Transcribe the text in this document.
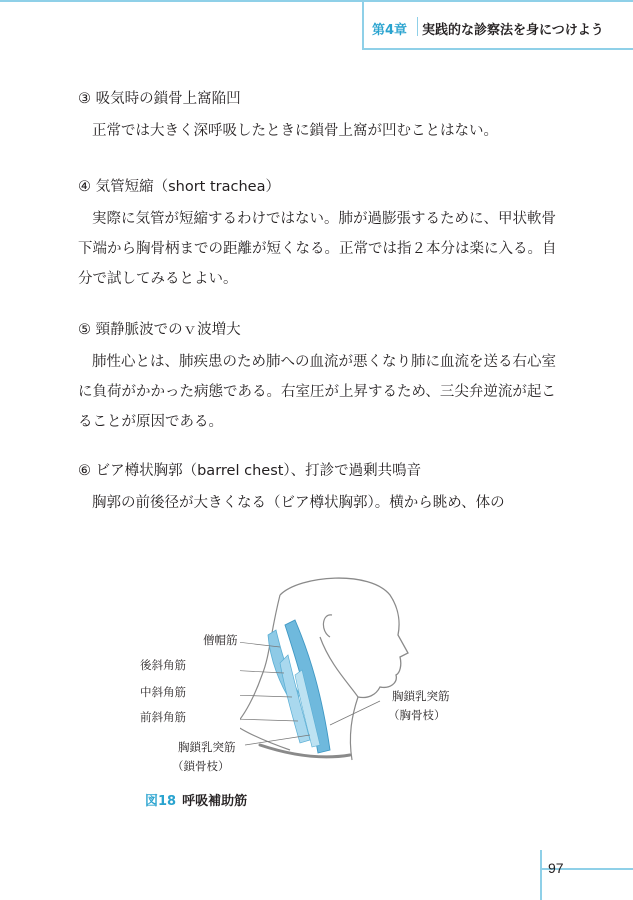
第4章 実践的な診察法を身につけよう
③ 吸気時の鎖骨上窩陥凹

正常では大きく深呼吸したときに鎖骨上窩が凹むことはない。

④ 気管短縮（short trachea）

実際に気管が短縮するわけではない。肺が過膨張するために、甲状軟骨下端から胸骨柄までの距離が短くなる。正常では指２本分は楽に入る。自分で試してみるとよい。

⑤ 頸静脈波でのｖ波増大

肺性心とは、肺疾患のため肺への血流が悪くなり肺に血流を送る右心室に負荷がかかった病態である。右室圧が上昇するため、三尖弁逆流が起こることが原因である。

⑥ ビア樽状胸郭（barrel chest）、打診で過剰共鳴音

胸郭の前後径が大きくなる（ビア樽状胸郭）。横から眺め、体の

僧帽筋
後斜角筋
中斜角筋
前斜角筋
胸鎖乳突筋
（鎖骨枝）
胸鎖乳突筋
（胸骨枝）
図18 呼吸補助筋
97
